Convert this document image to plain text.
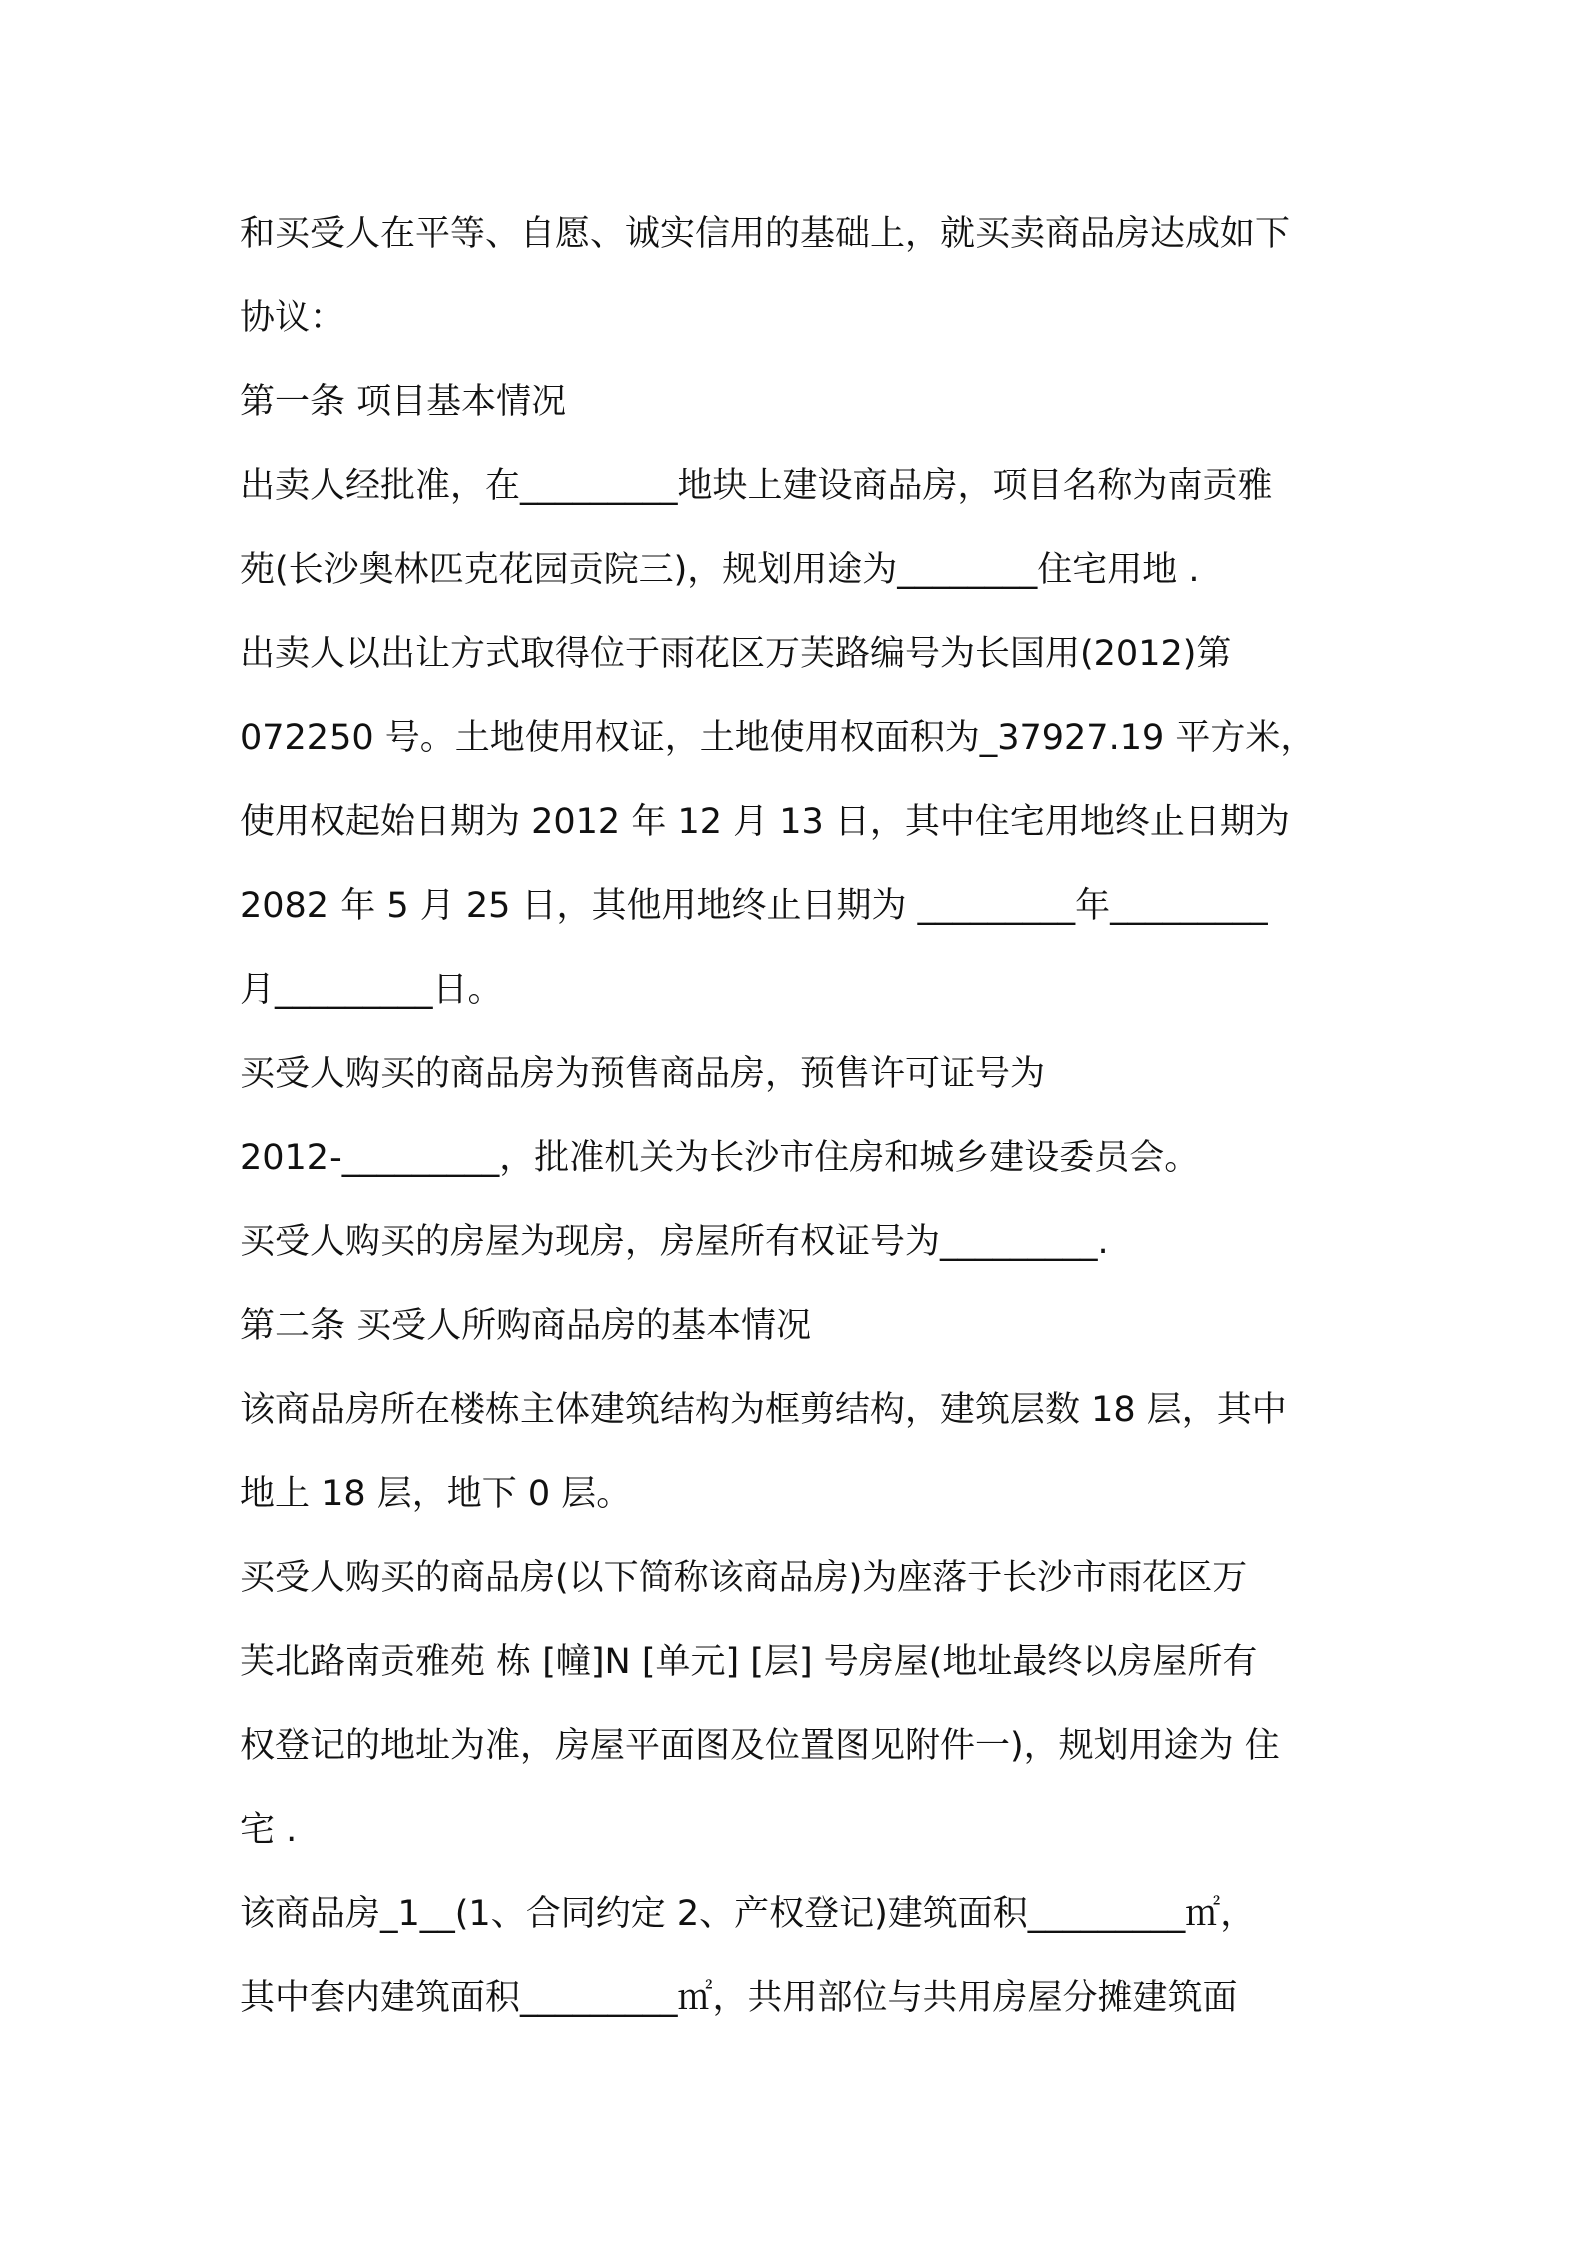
和买受人在平等、自愿、诚实信用的基础上，就买卖商品房达成如下
协议：
第一条 项目基本情况
出卖人经批准，在_________地块上建设商品房，项目名称为南贡雅
苑(长沙奥林匹克花园贡院三)，规划用途为________住宅用地 .
出卖人以出让方式取得位于雨花区万芙路编号为长国用(2012)第
072250 号。土地使用权证，土地使用权面积为_37927.19 平方米，
使用权起始日期为 2012 年 12 月 13 日，其中住宅用地终止日期为
2082 年 5 月 25 日，其他用地终止日期为 _________年_________
月_________日。
买受人购买的商品房为预售商品房，预售许可证号为
2012-_________，批准机关为长沙市住房和城乡建设委员会。
买受人购买的房屋为现房，房屋所有权证号为_________.
第二条 买受人所购商品房的基本情况
该商品房所在楼栋主体建筑结构为框剪结构，建筑层数 18 层，其中
地上 18 层，地下 0 层。
买受人购买的商品房(以下简称该商品房)为座落于长沙市雨花区万
芙北路南贡雅苑 栋 [幢]N [单元] [层] 号房屋(地址最终以房屋所有
权登记的地址为准，房屋平面图及位置图见附件一)，规划用途为 住
宅 .
该商品房_1__(1、合同约定 2、产权登记)建筑面积_________㎡，
其中套内建筑面积_________㎡，共用部位与共用房屋分摊建筑面
